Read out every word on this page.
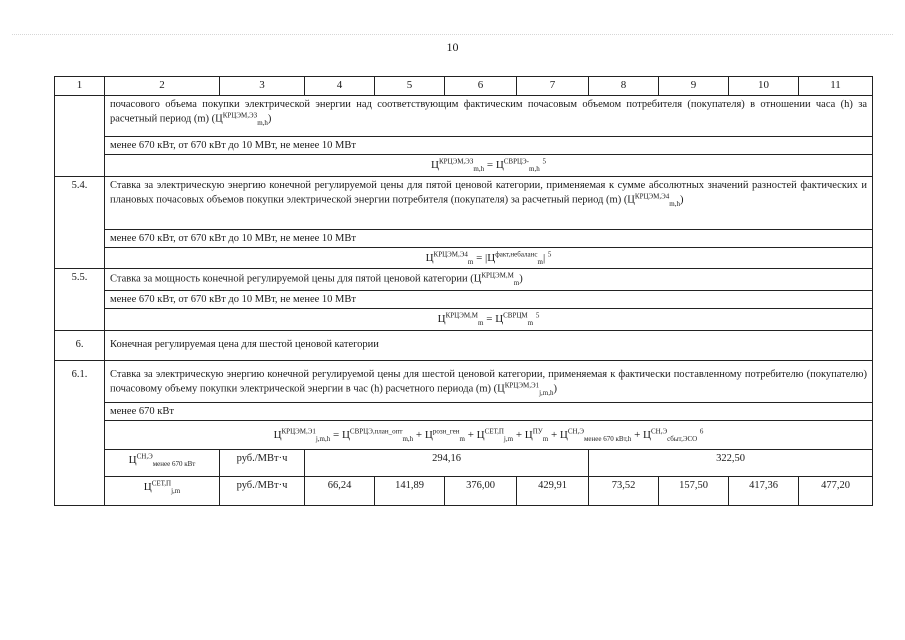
10
1	2	3	4	5	6	7	8	9	10	11
	почасового объема покупки электрической энергии над соответствующим фактическим почасовым объемом потребителя (покупателя) в отношении часа (h) за расчетный период (m) $(Ц^{КРЦЭМ,ЭЗ}_{m,h})$									
	менее 670 кВт, от 670 кВт до 10 МВт, не менее 10 МВт									
	$Ц^{КРЦЭМ,ЭЗ}_{m,h} = Ц^{СВРЦЭ-}_{m,h}$ $^5$
5.4.	Ставка за электрическую энергию конечной регулируемой цены для пятой ценовой категории, применяемая к сумме абсолютных значений разностей фактических и плановых почасовых объемов покупки электрической энергии потребителя (покупателя) за расчетный период (m) $(Ц^{КРЦЭМ,Э4}_{m,h})$									
	менее 670 кВт, от 670 кВт до 10 МВт, не менее 10 МВт									
	$Ц^{КРЦЭМ,Э4}_m = |Ц^{факт,небаланс}_m|$ $^5$
5.5.	Ставка за мощность конечной регулируемой цены для пятой ценовой категории $(Ц^{КРЦЭМ,М}_m)$									
	менее 670 кВт, от 670 кВт до 10 МВт, не менее 10 МВт									
	$Ц^{КРЦЭМ,М}_m = Ц^{СВРЦМ}_m$ $^5$
6.	Конечная регулируемая цена для шестой ценовой категории									
6.1.	Ставка за электрическую энергию конечной регулируемой цены для шестой ценовой категории, применяемая к фактически поставленному потребителю (покупателю) почасовому объему покупки электрической энергии в час (h) расчетного периода (m) $(Ц^{КРЦЭМ,Э1}_{j,m,h})$									
	менее 670 кВт									
	$Ц^{КРЦЭМ,Э1}_{j,m,h} = Ц^{СВРЦЭ,план\_опт}_{m,h} + Ц^{розн\_ген}_m + Ц^{СЕТ,П}_{j,m} + Ц^{ПУ}_m + Ц^{СН,Э}_{менее 670 кВт,h} + Ц^{СН,Э}_{сбыт,ЭСО}$ $^6$
	$Ц^{СН,Э}_{менее 670 кВт}$	руб./МВт·ч	294,16				322,50			
	$Ц^{СЕТ,П}_{j,m}$	руб./МВт·ч	66,24	141,89	376,00	429,91	73,52	157,50	417,36	477,20
